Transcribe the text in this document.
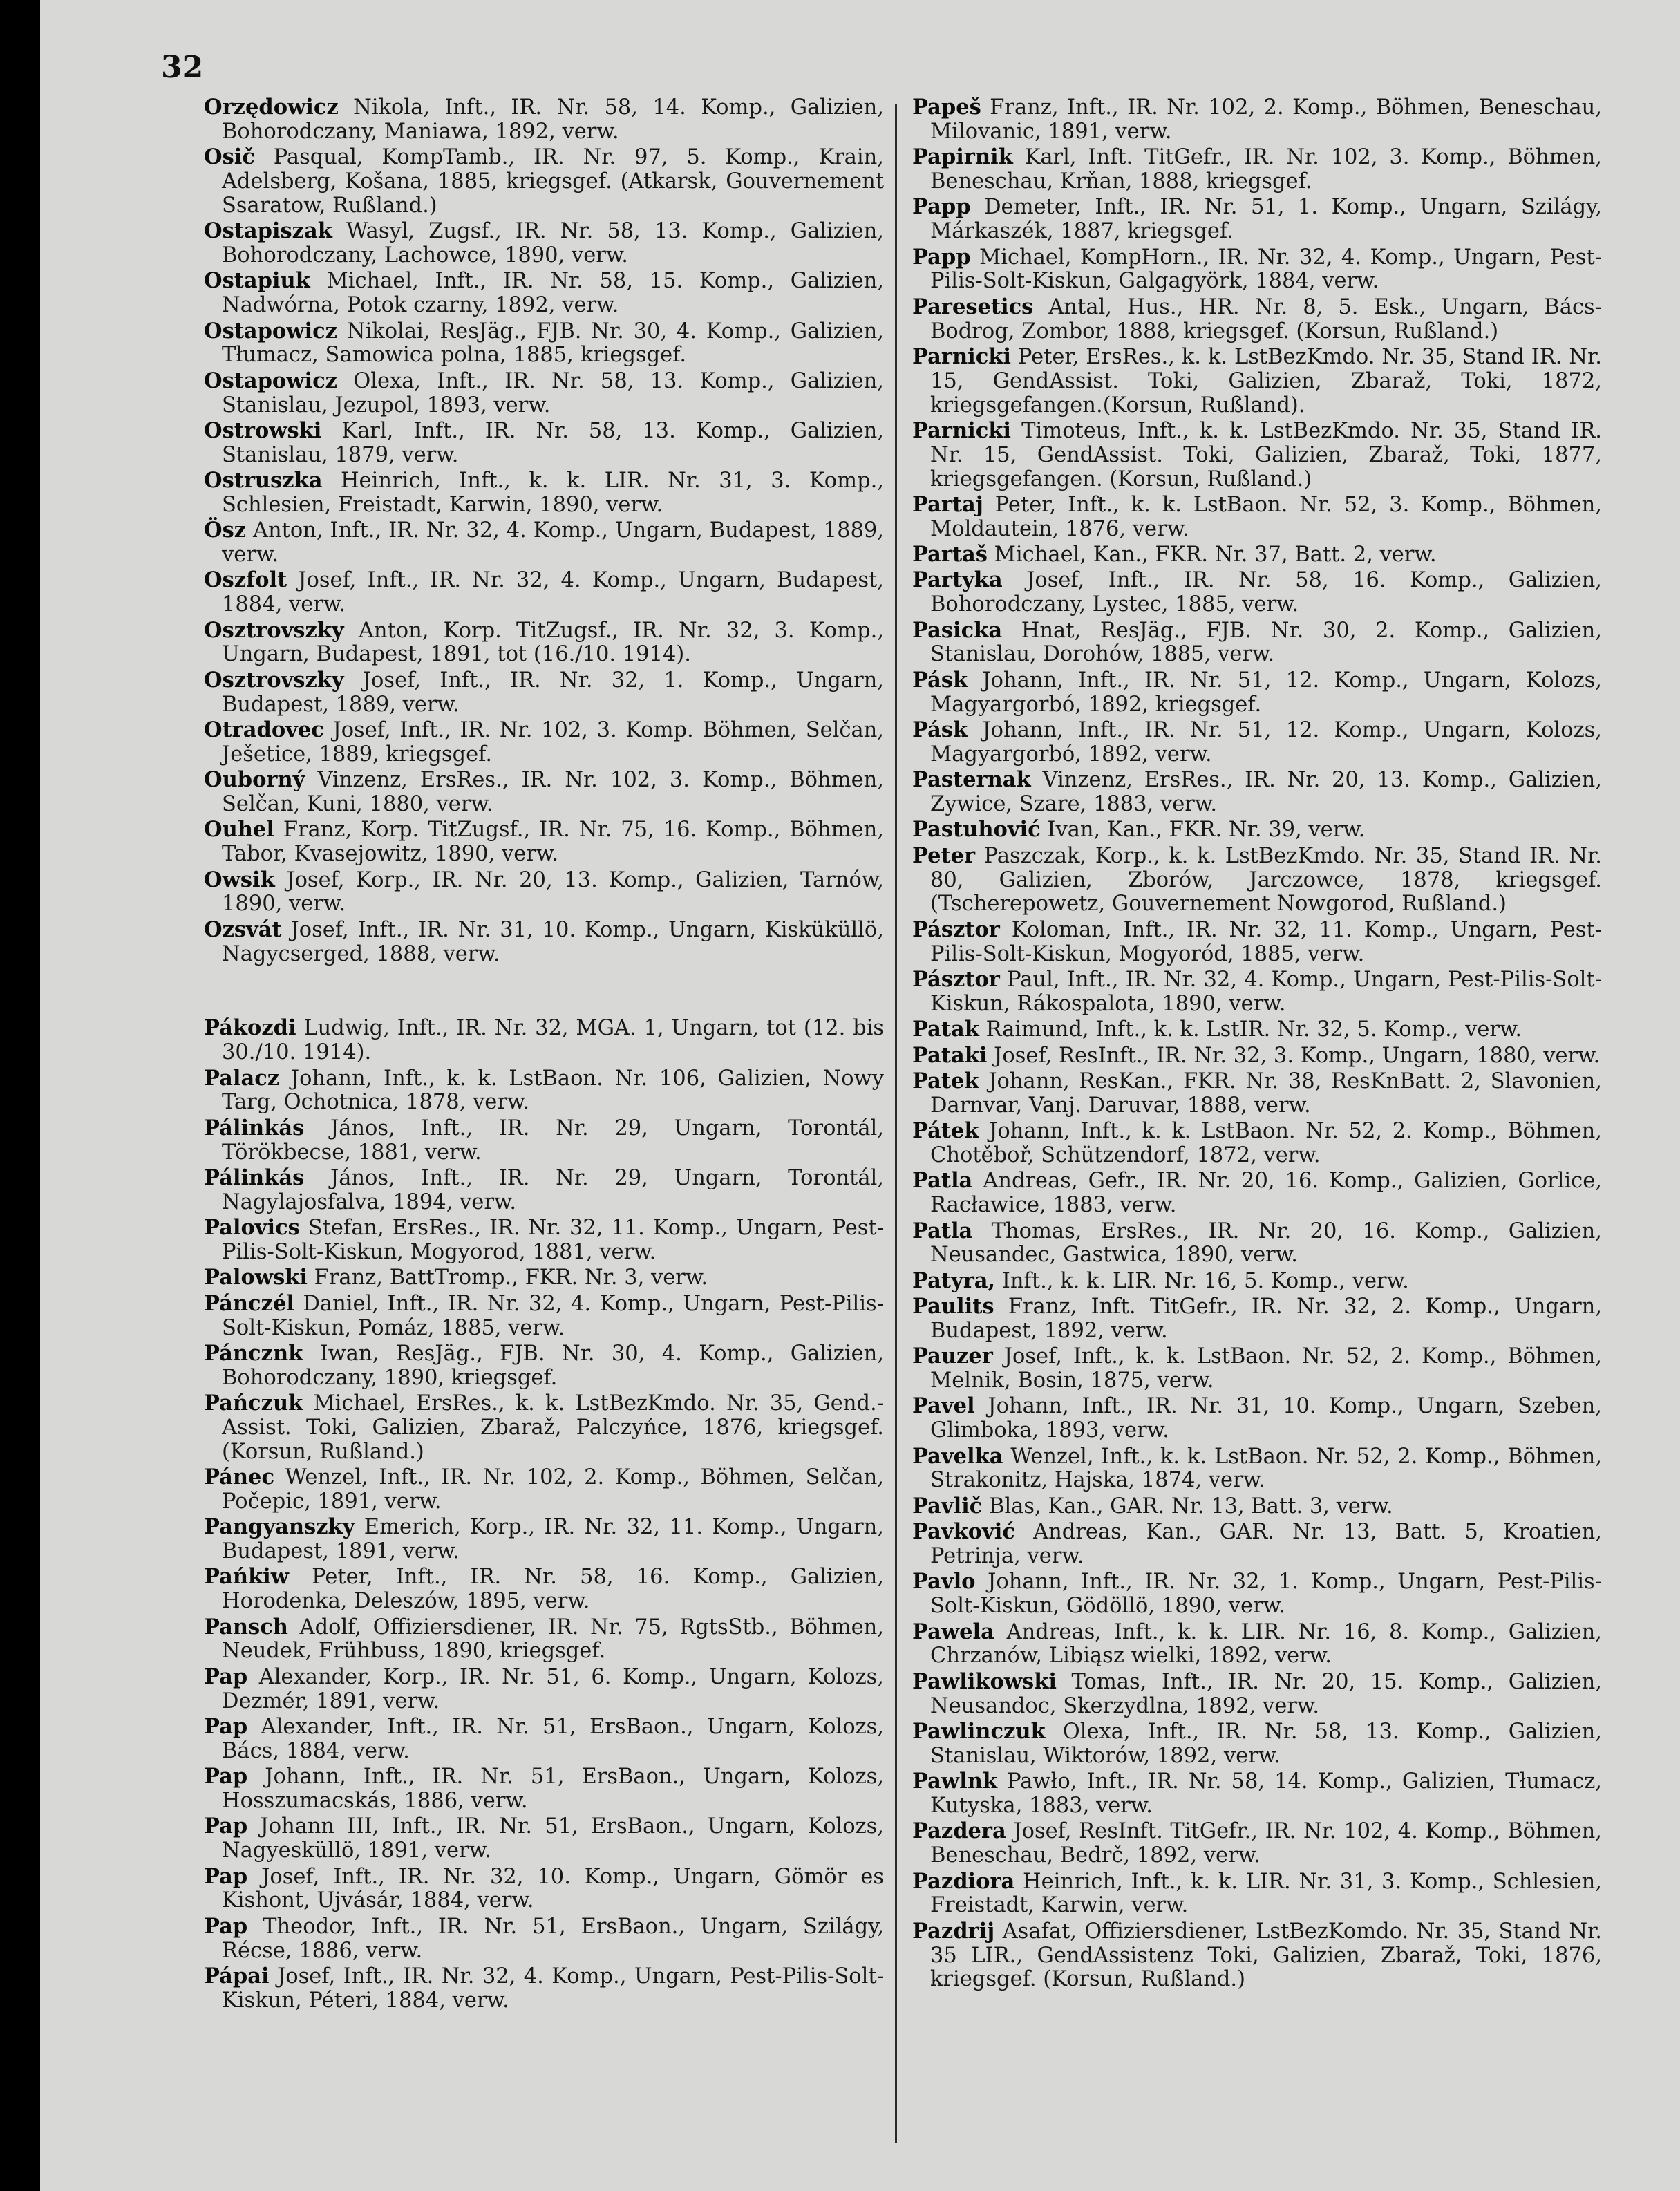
32

Orzędowicz Nikola, Inft., IR. Nr. 58, 14. Komp., Galizien, Bohorodczany, Maniawa, 1892, verw.

Osič Pasqual, KompTamb., IR. Nr. 97, 5. Komp., Krain, Adelsberg, Košana, 1885, kriegsgef. (Atkarsk, Gouvernement Ssaratow, Rußland.)

Ostapiszak Wasyl, Zugsf., IR. Nr. 58, 13. Komp., Galizien, Bohorodczany, Lachowce, 1890, verw.

Ostapiuk Michael, Inft., IR. Nr. 58, 15. Komp., Galizien, Nadwórna, Potok czarny, 1892, verw.

Ostapowicz Nikolai, ResJäg., FJB. Nr. 30, 4. Komp., Galizien, Tłumacz, Samowica polna, 1885, kriegsgef.

Ostapowicz Olexa, Inft., IR. Nr. 58, 13. Komp., Galizien, Stanislau, Jezupol, 1893, verw.

Ostrowski Karl, Inft., IR. Nr. 58, 13. Komp., Galizien, Stanislau, 1879, verw.

Ostruszka Heinrich, Inft., k. k. LIR. Nr. 31, 3. Komp., Schlesien, Freistadt, Karwin, 1890, verw.

Ösz Anton, Inft., IR. Nr. 32, 4. Komp., Ungarn, Budapest, 1889, verw.

Oszfolt Josef, Inft., IR. Nr. 32, 4. Komp., Ungarn, Budapest, 1884, verw.

Osztrovszky Anton, Korp. TitZugsf., IR. Nr. 32, 3. Komp., Ungarn, Budapest, 1891, tot (16./10. 1914).

Osztrovszky Josef, Inft., IR. Nr. 32, 1. Komp., Ungarn, Budapest, 1889, verw.

Otradovec Josef, Inft., IR. Nr. 102, 3. Komp. Böhmen, Selčan, Ješetice, 1889, kriegsgef.

Ouborný Vinzenz, ErsRes., IR. Nr. 102, 3. Komp., Böhmen, Selčan, Kuni, 1880, verw.

Ouhel Franz, Korp. TitZugsf., IR. Nr. 75, 16. Komp., Böhmen, Tabor, Kvasejowitz, 1890, verw.

Owsik Josef, Korp., IR. Nr. 20, 13. Komp., Galizien, Tarnów, 1890, verw.

Ozsvát Josef, Inft., IR. Nr. 31, 10. Komp., Ungarn, Kisküküllö, Nagycserged, 1888, verw.

Pákozdi Ludwig, Inft., IR. Nr. 32, MGA. 1, Ungarn, tot (12. bis 30./10. 1914).

Palacz Johann, Inft., k. k. LstBaon. Nr. 106, Galizien, Nowy Targ, Ochotnica, 1878, verw.

Pálinkás János, Inft., IR. Nr. 29, Ungarn, Torontál, Törökbecse, 1881, verw.

Pálinkás János, Inft., IR. Nr. 29, Ungarn, Torontál, Nagylajosfalva, 1894, verw.

Palovics Stefan, ErsRes., IR. Nr. 32, 11. Komp., Ungarn, Pest-Pilis-Solt-Kiskun, Mogyorod, 1881, verw.

Palowski Franz, BattTromp., FKR. Nr. 3, verw.

Pánczél Daniel, Inft., IR. Nr. 32, 4. Komp., Ungarn, Pest-Pilis-Solt-Kiskun, Pomáz, 1885, verw.

Páncznk Iwan, ResJäg., FJB. Nr. 30, 4. Komp., Galizien, Bohorodczany, 1890, kriegsgef.

Pańczuk Michael, ErsRes., k. k. LstBezKmdo. Nr. 35, Gend.-Assist. Toki, Galizien, Zbaraž, Palczyńce, 1876, kriegsgef. (Korsun, Rußland.)

Pánec Wenzel, Inft., IR. Nr. 102, 2. Komp., Böhmen, Selčan, Počepic, 1891, verw.

Pangyanszky Emerich, Korp., IR. Nr. 32, 11. Komp., Ungarn, Budapest, 1891, verw.

Pańkiw Peter, Inft., IR. Nr. 58, 16. Komp., Galizien, Horodenka, Deleszów, 1895, verw.

Pansch Adolf, Offiziersdiener, IR. Nr. 75, RgtsStb., Böhmen, Neudek, Frühbuss, 1890, kriegsgef.

Pap Alexander, Korp., IR. Nr. 51, 6. Komp., Ungarn, Kolozs, Dezmér, 1891, verw.

Pap Alexander, Inft., IR. Nr. 51, ErsBaon., Ungarn, Kolozs, Bács, 1884, verw.

Pap Johann, Inft., IR. Nr. 51, ErsBaon., Ungarn, Kolozs, Hosszumacskás, 1886, verw.

Pap Johann III, Inft., IR. Nr. 51, ErsBaon., Ungarn, Kolozs, Nagyesküllö, 1891, verw.

Pap Josef, Inft., IR. Nr. 32, 10. Komp., Ungarn, Gömör es Kishont, Ujvásár, 1884, verw.

Pap Theodor, Inft., IR. Nr. 51, ErsBaon., Ungarn, Szilágy, Récse, 1886, verw.

Pápai Josef, Inft., IR. Nr. 32, 4. Komp., Ungarn, Pest-Pilis-Solt-Kiskun, Péteri, 1884, verw.

Papeš Franz, Inft., IR. Nr. 102, 2. Komp., Böhmen, Beneschau, Milovanic, 1891, verw.

Papirnik Karl, Inft. TitGefr., IR. Nr. 102, 3. Komp., Böhmen, Beneschau, Krňan, 1888, kriegsgef.

Papp Demeter, Inft., IR. Nr. 51, 1. Komp., Ungarn, Szilágy, Márkaszék, 1887, kriegsgef.

Papp Michael, KompHorn., IR. Nr. 32, 4. Komp., Ungarn, Pest-Pilis-Solt-Kiskun, Galgagyörk, 1884, verw.

Paresetics Antal, Hus., HR. Nr. 8, 5. Esk., Ungarn, Bács-Bodrog, Zombor, 1888, kriegsgef. (Korsun, Rußland.)

Parnicki Peter, ErsRes., k. k. LstBezKmdo. Nr. 35, Stand IR. Nr. 15, GendAssist. Toki, Galizien, Zbaraž, Toki, 1872, kriegsgefangen.(Korsun, Rußland).

Parnicki Timoteus, Inft., k. k. LstBezKmdo. Nr. 35, Stand IR. Nr. 15, GendAssist. Toki, Galizien, Zbaraž, Toki, 1877, kriegsgefangen. (Korsun, Rußland.)

Partaj Peter, Inft., k. k. LstBaon. Nr. 52, 3. Komp., Böhmen, Moldautein, 1876, verw.

Partaš Michael, Kan., FKR. Nr. 37, Batt. 2, verw.

Partyka Josef, Inft., IR. Nr. 58, 16. Komp., Galizien, Bohorodczany, Lystec, 1885, verw.

Pasicka Hnat, ResJäg., FJB. Nr. 30, 2. Komp., Galizien, Stanislau, Dorohów, 1885, verw.

Pásk Johann, Inft., IR. Nr. 51, 12. Komp., Ungarn, Kolozs, Magyargorbó, 1892, kriegsgef.

Pásk Johann, Inft., IR. Nr. 51, 12. Komp., Ungarn, Kolozs, Magyargorbó, 1892, verw.

Pasternak Vinzenz, ErsRes., IR. Nr. 20, 13. Komp., Galizien, Zywice, Szare, 1883, verw.

Pastuhović Ivan, Kan., FKR. Nr. 39, verw.

Peter Paszczak, Korp., k. k. LstBezKmdo. Nr. 35, Stand IR. Nr. 80, Galizien, Zborów, Jarczowce, 1878, kriegsgef. (Tscherepowetz, Gouvernement Nowgorod, Rußland.)

Pásztor Koloman, Inft., IR. Nr. 32, 11. Komp., Ungarn, Pest-Pilis-Solt-Kiskun, Mogyoród, 1885, verw.

Pásztor Paul, Inft., IR. Nr. 32, 4. Komp., Ungarn, Pest-Pilis-Solt-Kiskun, Rákospalota, 1890, verw.

Patak Raimund, Inft., k. k. LstIR. Nr. 32, 5. Komp., verw.

Pataki Josef, ResInft., IR. Nr. 32, 3. Komp., Ungarn, 1880, verw.

Patek Johann, ResKan., FKR. Nr. 38, ResKnBatt. 2, Slavonien, Darnvar, Vanj. Daruvar, 1888, verw.

Pátek Johann, Inft., k. k. LstBaon. Nr. 52, 2. Komp., Böhmen, Chotěboř, Schützendorf, 1872, verw.

Patla Andreas, Gefr., IR. Nr. 20, 16. Komp., Galizien, Gorlice, Racławice, 1883, verw.

Patla Thomas, ErsRes., IR. Nr. 20, 16. Komp., Galizien, Neusandec, Gastwica, 1890, verw.

Patyra, Inft., k. k. LIR. Nr. 16, 5. Komp., verw.

Paulits Franz, Inft. TitGefr., IR. Nr. 32, 2. Komp., Ungarn, Budapest, 1892, verw.

Pauzer Josef, Inft., k. k. LstBaon. Nr. 52, 2. Komp., Böhmen, Melnik, Bosin, 1875, verw.

Pavel Johann, Inft., IR. Nr. 31, 10. Komp., Ungarn, Szeben, Glimboka, 1893, verw.

Pavelka Wenzel, Inft., k. k. LstBaon. Nr. 52, 2. Komp., Böhmen, Strakonitz, Hajska, 1874, verw.

Pavlič Blas, Kan., GAR. Nr. 13, Batt. 3, verw.

Pavković Andreas, Kan., GAR. Nr. 13, Batt. 5, Kroatien, Petrinja, verw.

Pavlo Johann, Inft., IR. Nr. 32, 1. Komp., Ungarn, Pest-Pilis-Solt-Kiskun, Gödöllö, 1890, verw.

Pawela Andreas, Inft., k. k. LIR. Nr. 16, 8. Komp., Galizien, Chrzanów, Libiąsz wielki, 1892, verw.

Pawlikowski Tomas, Inft., IR. Nr. 20, 15. Komp., Galizien, Neusandoc, Skerzydlna, 1892, verw.

Pawlinczuk Olexa, Inft., IR. Nr. 58, 13. Komp., Galizien, Stanislau, Wiktorów, 1892, verw.

Pawlnk Pawło, Inft., IR. Nr. 58, 14. Komp., Galizien, Tłumacz, Kutyska, 1883, verw.

Pazdera Josef, ResInft. TitGefr., IR. Nr. 102, 4. Komp., Böhmen, Beneschau, Bedrč, 1892, verw.

Pazdiora Heinrich, Inft., k. k. LIR. Nr. 31, 3. Komp., Schlesien, Freistadt, Karwin, verw.

Pazdrij Asafat, Offiziersdiener, LstBezKomdo. Nr. 35, Stand Nr. 35 LIR., GendAssistenz Toki, Galizien, Zbaraž, Toki, 1876, kriegsgef. (Korsun, Rußland.)
